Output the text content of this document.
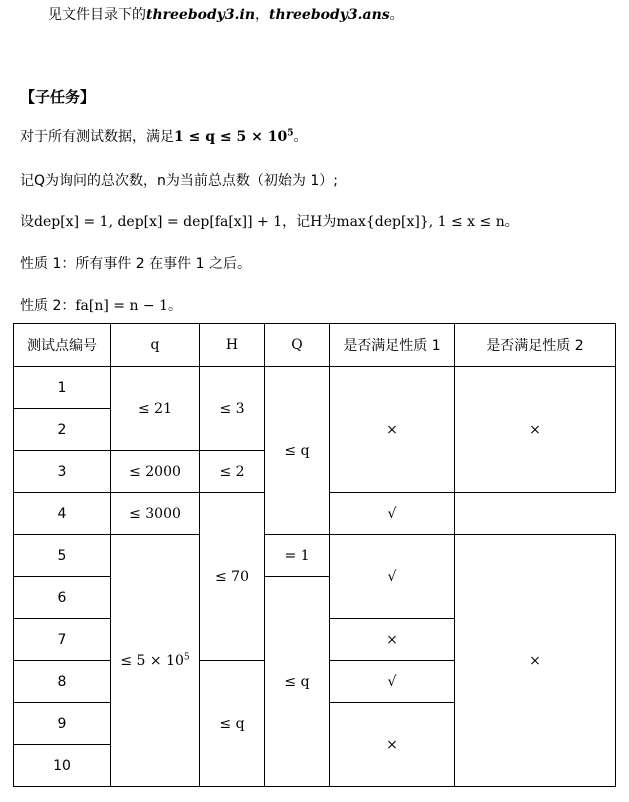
见文件目录下的threebody3.in，threebody3.ans。
【子任务】
对于所有测试数据，满足$1 \le q \le 5 \times 10^5$。
记Q为询问的总次数，n为当前总点数（初始为 1）;
设dep[x] = 1, dep[x] = dep[fa[x]] + 1，记H为max{dep[x]}, 1 ≤ x ≤ n。
性质 1：所有事件 2 在事件 1 之后。
性质 2：fa[n] = n − 1。
测试点编号	q	H	Q	是否满足性质 1	是否满足性质 2
1	≤ 21	≤ 3	≤ q	×	×
2					
3	≤ 2000	≤ 2			
4	≤ 3000	≤ 70		√	
5	≤ $5 \times 10^5$		= 1	√	×
6			≤ q		
7				×	
8		≤ q		√	
9				×	
10					
